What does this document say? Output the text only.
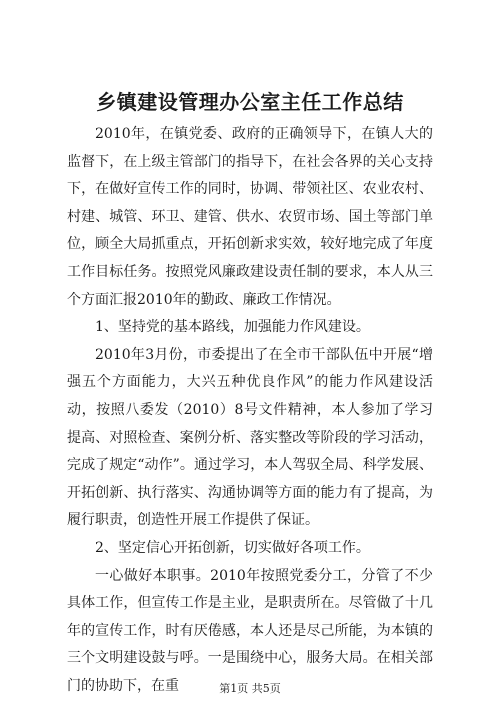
乡镇建设管理办公室主任工作总结

2010年，在镇党委、政府的正确领导下，在镇人大的监督下，在上级主管部门的指导下，在社会各界的关心支持下，在做好宣传工作的同时，协调、带领社区、农业农村、村建、城管、环卫、建管、供水、农贸市场、国土等部门单位，顾全大局抓重点，开拓创新求实效，较好地完成了年度工作目标任务。按照党风廉政建设责任制的要求，本人从三个方面汇报2010年的勤政、廉政工作情况。

1、坚持党的基本路线，加强能力作风建设。

2010年3月份，市委提出了在全市干部队伍中开展“增强五个方面能力，大兴五种优良作风”的能力作风建设活动，按照八委发（2010）8号文件精神，本人参加了学习提高、对照检查、案例分析、落实整改等阶段的学习活动，完成了规定“动作”。通过学习，本人驾驭全局、科学发展、开拓创新、执行落实、沟通协调等方面的能力有了提高，为履行职责，创造性开展工作提供了保证。

2、坚定信心开拓创新，切实做好各项工作。

一心做好本职事。2010年按照党委分工，分管了不少具体工作，但宣传工作是主业，是职责所在。尽管做了十几年的宣传工作，时有厌倦感，本人还是尽己所能，为本镇的三个文明建设鼓与呼。一是围绕中心，服务大局。在相关部门的协助下，在重	第1页 共5页
